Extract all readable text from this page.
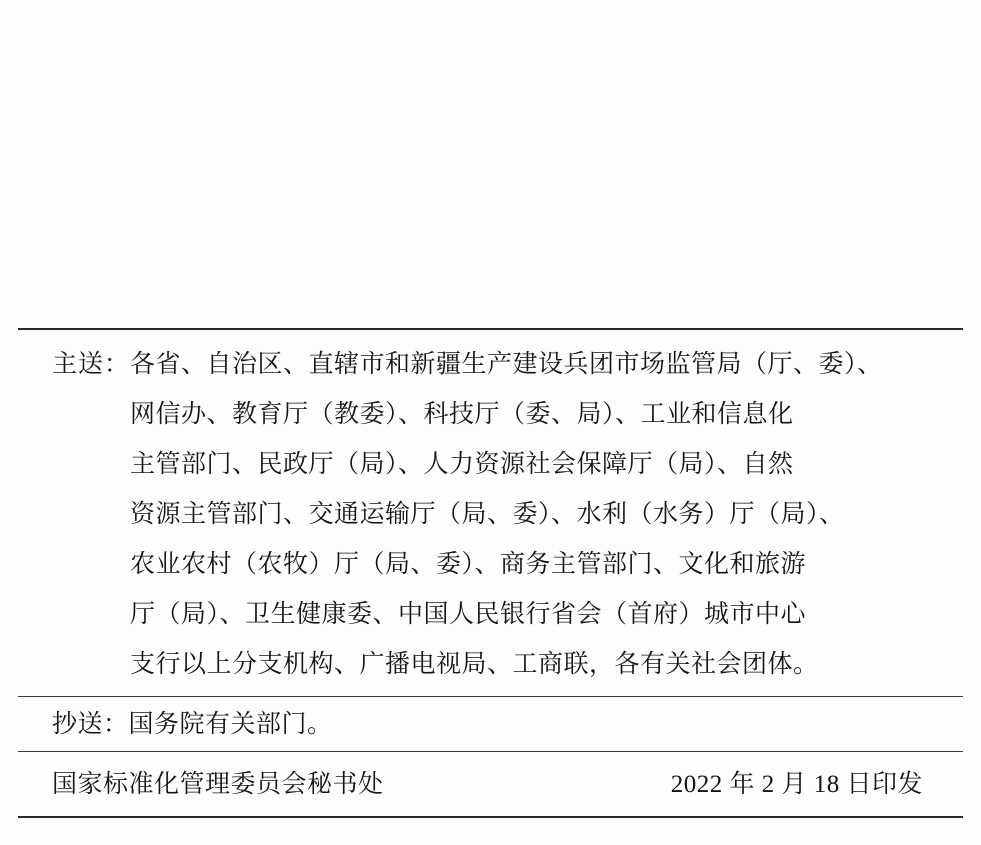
主送： 各省、自治区、直辖市和新疆生产建设兵团市场监管局（厅、委）、
网信办、教育厅（教委）、科技厅（委、局）、工业和信息化
主管部门、民政厅（局）、人力资源社会保障厅（局）、自然
资源主管部门、交通运输厅（局、委）、水利（水务）厅（局）、
农业农村（农牧）厅（局、委）、商务主管部门、文化和旅游
厅（局）、卫生健康委、中国人民银行省会（首府）城市中心
支行以上分支机构、广播电视局、工商联，各有关社会团体。
抄送：国务院有关部门。
国家标准化管理委员会秘书处	2022 年 2 月 18 日印发
